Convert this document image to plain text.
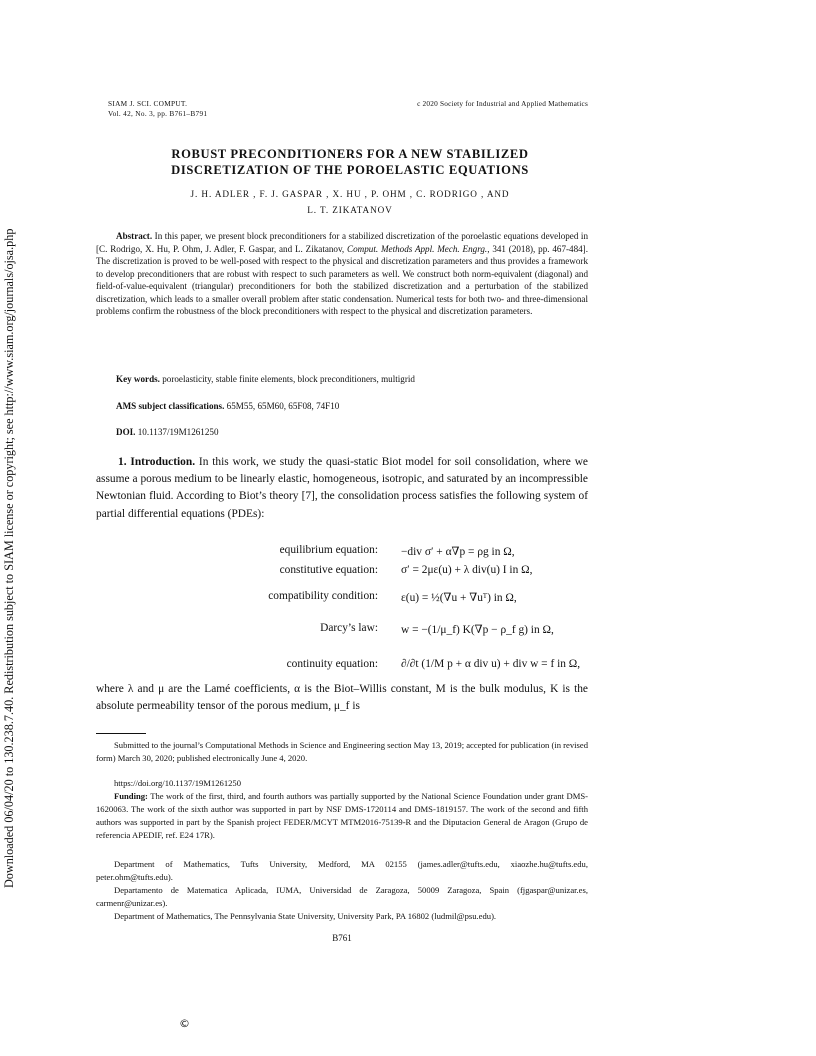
Downloaded 06/04/20 to 130.238.7.40. Redistribution subject to SIAM license or copyright; see http://www.siam.org/journals/ojsa.php
SIAM J. SCI. COMPUT.
Vol. 42, No. 3, pp. B761–B791
c 2020 Society for Industrial and Applied Mathematics
ROBUST PRECONDITIONERS FOR A NEW STABILIZED
DISCRETIZATION OF THE POROELASTIC EQUATIONS
J. H. ADLER , F. J. GASPAR , X. HU , P. OHM , C. RODRIGO , AND
L. T. ZIKATANOV
Abstract. In this paper, we present block preconditioners for a stabilized discretization of the poroelastic equations developed in [C. Rodrigo, X. Hu, P. Ohm, J. Adler, F. Gaspar, and L. Zikatanov, Comput. Methods Appl. Mech. Engrg., 341 (2018), pp. 467-484]. The discretization is proved to be well-posed with respect to the physical and discretization parameters and thus provides a framework to develop preconditioners that are robust with respect to such parameters as well. We construct both norm-equivalent (diagonal) and field-of-value-equivalent (triangular) preconditioners for both the stabilized discretization and a perturbation of the stabilized discretization, which leads to a smaller overall problem after static condensation. Numerical tests for both two- and three-dimensional problems confirm the robustness of the block preconditioners with respect to the physical and discretization parameters.
Key words. poroelasticity, stable finite elements, block preconditioners, multigrid
AMS subject classifications. 65M55, 65M60, 65F08, 74F10
DOI. 10.1137/19M1261250
1. Introduction. In this work, we study the quasi-static Biot model for soil consolidation, where we assume a porous medium to be linearly elastic, homogeneous, isotropic, and saturated by an incompressible Newtonian fluid. According to Biot’s theory [7], the consolidation process satisfies the following system of partial differential equations (PDEs):
equilibrium equation: −div σ′ + α∇p = ρg in Ω,
constitutive equation: σ′ = 2με(u) + λ div(u) I in Ω,
compatibility condition: ε(u) = ½(∇u + ∇uᵀ) in Ω,
Darcy’s law: w = −(1/μ_f) K(∇p − ρ_f g) in Ω,
continuity equation: ∂/∂t (1/M p + α div u) + div w = f in Ω,
where λ and μ are the Lamé coefficients, α is the Biot–Willis constant, M is the bulk modulus, K is the absolute permeability tensor of the porous medium, μ_f is
Submitted to the journal’s Computational Methods in Science and Engineering section May 13, 2019; accepted for publication (in revised form) March 30, 2020; published electronically June 4, 2020.
https://doi.org/10.1137/19M1261250
Funding: The work of the first, third, and fourth authors was partially supported by the National Science Foundation under grant DMS-1620063. The work of the sixth author was supported in part by NSF DMS-1720114 and DMS-1819157. The work of the second and fifth authors was supported in part by the Spanish project FEDER/MCYT MTM2016-75139-R and the Diputacion General de Aragon (Grupo de referencia APEDIF, ref. E24 17R).
Department of Mathematics, Tufts University, Medford, MA 02155 (james.adler@tufts.edu, xiaozhe.hu@tufts.edu, peter.ohm@tufts.edu).
Departamento de Matematica Aplicada, IUMA, Universidad de Zaragoza, 50009 Zaragoza, Spain (fjgaspar@unizar.es, carmenr@unizar.es).
Department of Mathematics, The Pennsylvania State University, University Park, PA 16802 (ludmil@psu.edu).
B761
©
